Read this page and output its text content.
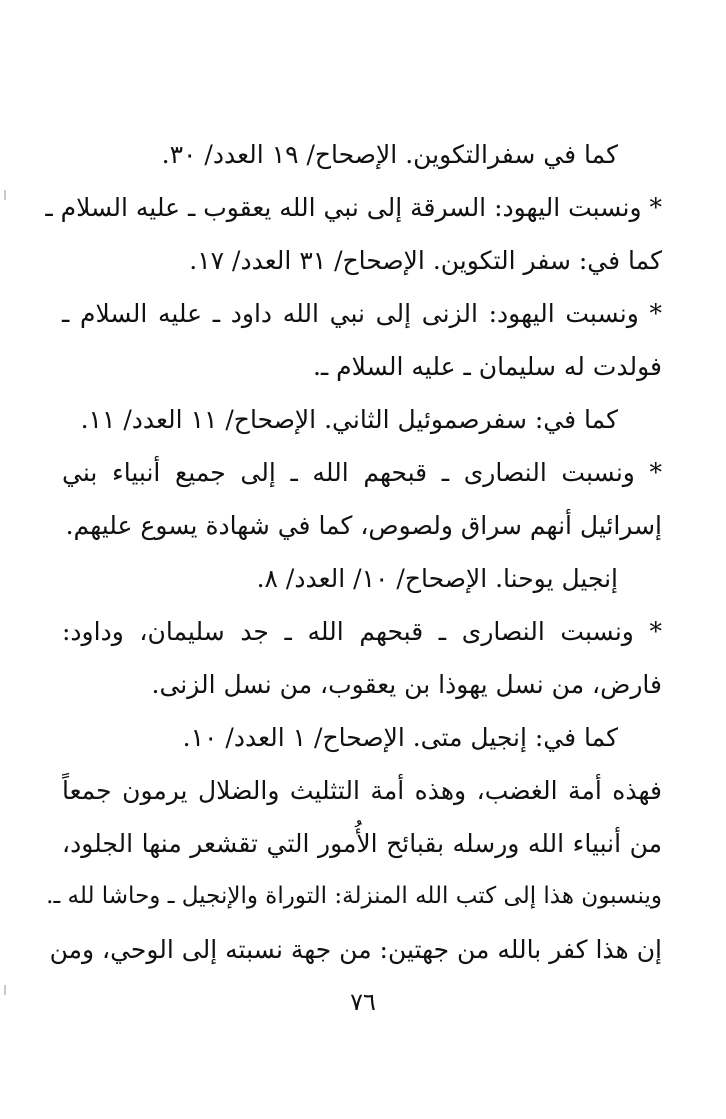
كما في سفرالتكوين. الإصحاح/ ١٩ العدد/ ٣٠.
* ونسبت اليهود: السرقة إلى نبي الله يعقوب ـ عليه السلام ـ
كما في: سفر التكوين. الإصحاح/ ٣١ العدد/ ١٧.
* ونسبت اليهود: الزنى إلى نبي الله داود ـ عليه السلام ـ
فولدت له سليمان ـ عليه السلام ـ.
كما في: سفرصموئيل الثاني. الإصحاح/ ١١ العدد/ ١١.
* ونسبت النصارى ـ قبحهم الله ـ إلى جميع أنبياء بني
إسرائيل أنهم سراق ولصوص، كما في شهادة يسوع عليهم.
إنجيل يوحنا. الإصحاح/ ١٠/ العدد/ ٨.
* ونسبت النصارى ـ قبحهم الله ـ جد سليمان، وداود:
فارض، من نسل يهوذا بن يعقوب، من نسل الزنى.
كما في: إنجيل متى. الإصحاح/ ١ العدد/ ١٠.
فهذه أمة الغضب، وهذه أمة التثليث والضلال يرمون جمعاً
من أنبياء الله ورسله بقبائح الأُمور التي تقشعر منها الجلود،
وينسبون هذا إلى كتب الله المنزلة: التوراة والإنجيل ـ وحاشا لله ـ.
إن هذا كفر بالله من جهتين: من جهة نسبته إلى الوحي، ومن
٧٦
